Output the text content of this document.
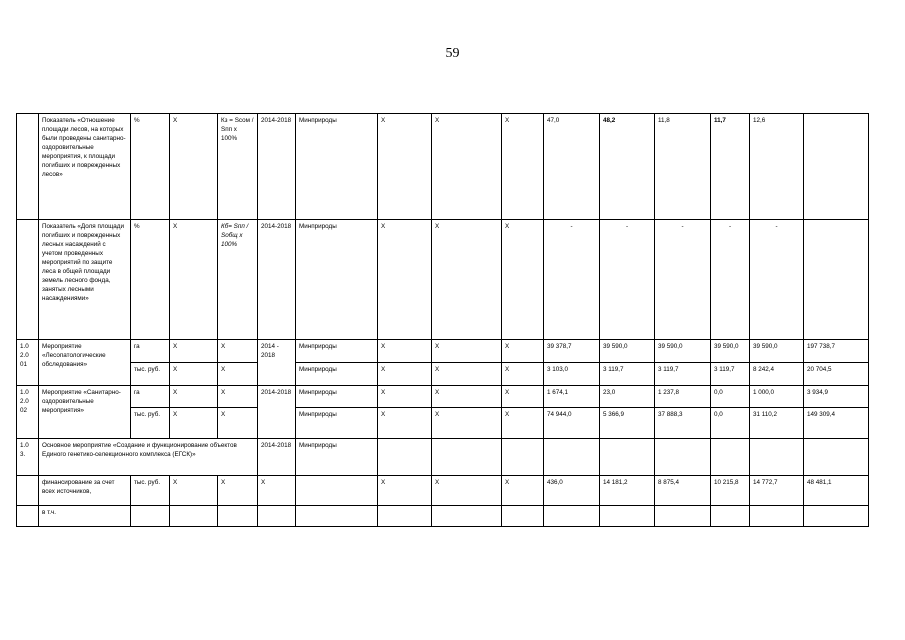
59
	Показатель «Отношение площади лесов, на которых были проведены санитарно-оздоровительные мероприятия, к площади погибших и поврежденных лесов»	%	Х	Кз = Sсом / Sпп х 100%	2014-2018	Минприроды	Х	Х	Х	47,0	48,2	11,8	11,7	12,6	
	Показатель «Доля площади погибших и поврежденных лесных насаждений с учетом проведенных мероприятий по защите леса в общей площади земель лесного фонда, занятых лесными насаждениями»	%	Х	Кб= Sпп / Sобщ х 100%	2014-2018	Минприроды	Х	Х	Х	-	-	-	-	-	
1.0 2.0 01	Мероприятие «Лесопатологические обследования»	га	Х	Х	2014 - 2018	Минприроды	Х	Х	Х	39 378,7	39 590,0	39 590,0	39 590,0	39 590,0	197 738,7
		тыс. руб.	Х	Х		Минприроды	Х	Х	Х	3 103,0	3 119,7	3 119,7	3 119,7	8 242,4	20 704,5
1.0 2.0 02	Мероприятие «Санитарно-оздоровительные мероприятия»	га	Х	Х	2014-2018	Минприроды	Х	Х	Х	1 674,1	23,0	1 237,8	0,0	1 000,0	3 934,9
		тыс. руб.	Х	Х		Минприроды	Х	Х	Х	74 944,0	5 366,9	37 888,3	0,0	31 110,2	149 309,4
1.0 3.	Основное мероприятие «Создание и функционирование объектов Единого генетико-селекционного комплекса (ЕГСК)»				2014-2018	Минприроды									
	финансирование за счет всех источников,	тыс. руб.	Х	Х	Х		Х	Х	Х	436,0	14 181,2	8 875,4	10 215,8	14 772,7	48 481,1
	в т.ч.														
